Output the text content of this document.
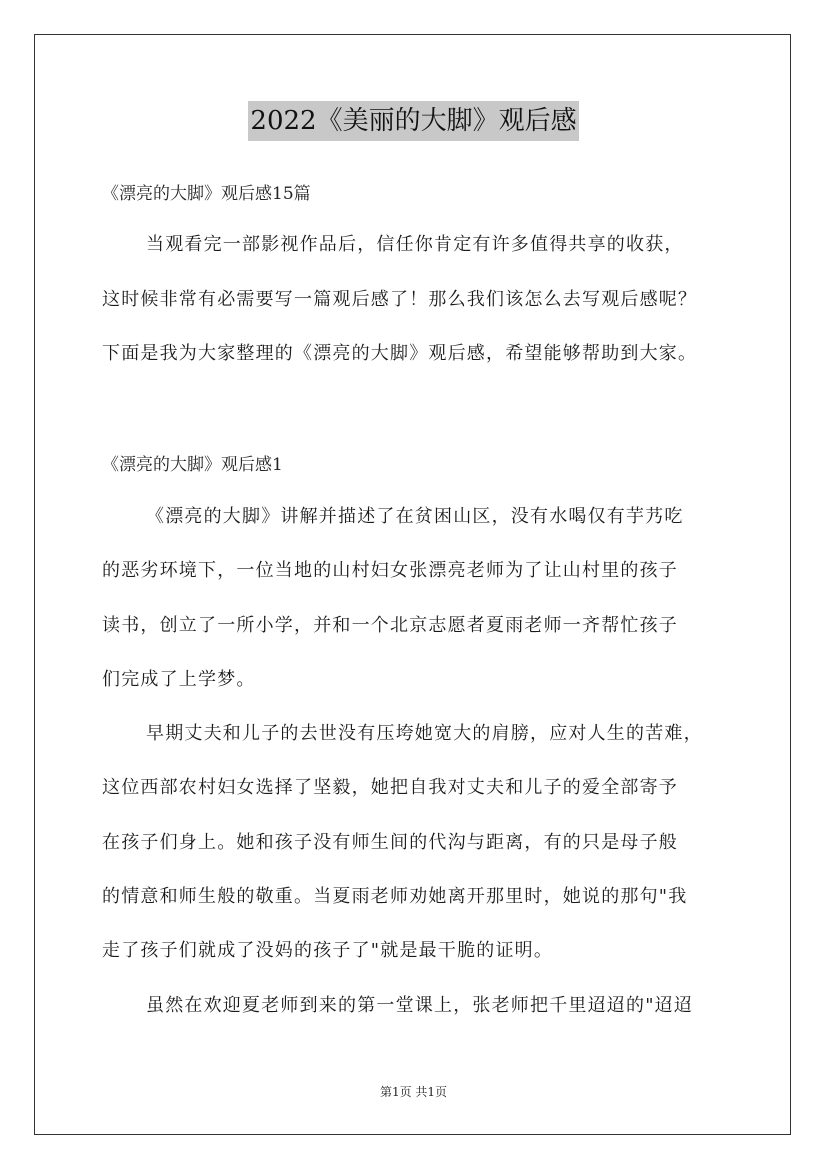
2022《美丽的大脚》观后感
《漂亮的大脚》观后感15篇
当观看完一部影视作品后，信任你肯定有许多值得共享的收获，
这时候非常有必需要写一篇观后感了！那么我们该怎么去写观后感呢？
下面是我为大家整理的《漂亮的大脚》观后感，希望能够帮助到大家。
《漂亮的大脚》观后感1
《漂亮的大脚》讲解并描述了在贫困山区，没有水喝仅有芋艿吃
的恶劣环境下，一位当地的山村妇女张漂亮老师为了让山村里的孩子
读书，创立了一所小学，并和一个北京志愿者夏雨老师一齐帮忙孩子
们完成了上学梦。
早期丈夫和儿子的去世没有压垮她宽大的肩膀，应对人生的苦难，
这位西部农村妇女选择了坚毅，她把自我对丈夫和儿子的爱全部寄予
在孩子们身上。她和孩子没有师生间的代沟与距离，有的只是母子般
的情意和师生般的敬重。当夏雨老师劝她离开那里时，她说的那句"我
走了孩子们就成了没妈的孩子了"就是最干脆的证明。
虽然在欢迎夏老师到来的第一堂课上，张老师把千里迢迢的"迢迢
第1页 共1页
